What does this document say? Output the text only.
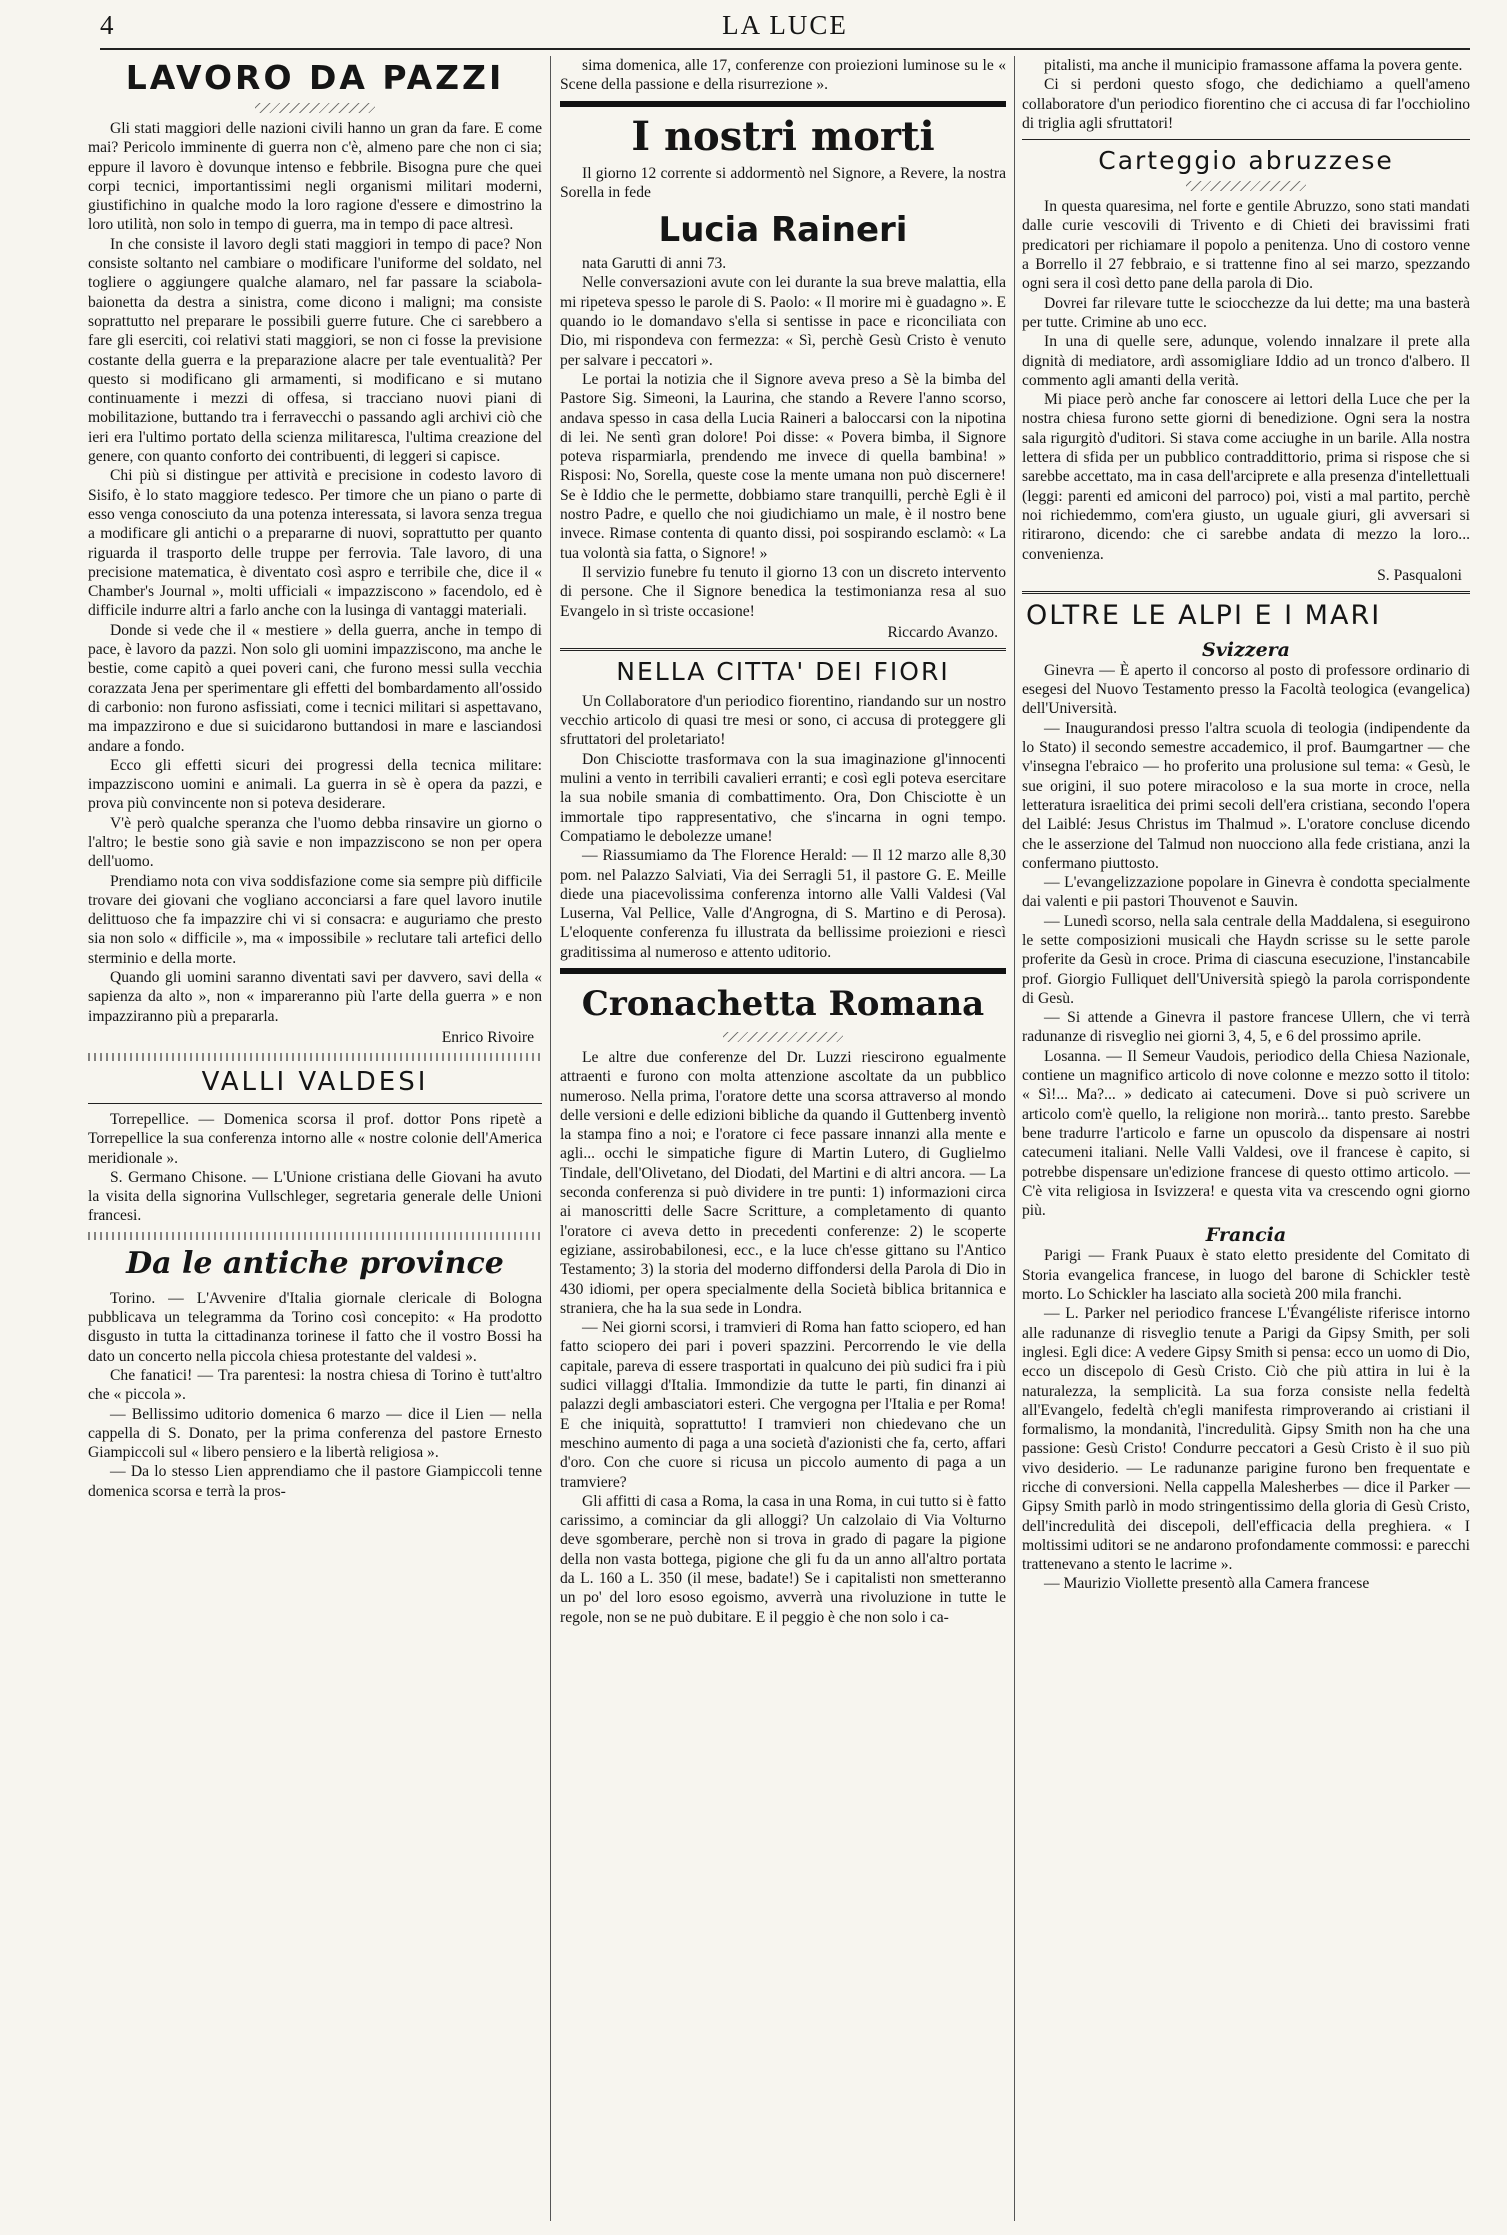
4	LA LUCE
LAVORO DA PAZZI

Gli stati maggiori delle nazioni civili hanno un gran da fare. E come mai? Pericolo imminente di guerra non c'è, almeno pare che non ci sia; eppure il lavoro è dovunque intenso e febbrile. Bisogna pure che quei corpi tecnici, importantissimi negli organismi militari moderni, giustifichino in qualche modo la loro ragione d'essere e dimostrino la loro utilità, non solo in tempo di guerra, ma in tempo di pace altresì.

In che consiste il lavoro degli stati maggiori in tempo di pace? Non consiste soltanto nel cambiare o modificare l'uniforme del soldato, nel togliere o aggiungere qualche alamaro, nel far passare la sciabola-baionetta da destra a sinistra, come dicono i maligni; ma consiste soprattutto nel preparare le possibili guerre future. Che ci sarebbero a fare gli eserciti, coi relativi stati maggiori, se non ci fosse la previsione costante della guerra e la preparazione alacre per tale eventualità? Per questo si modificano gli armamenti, si modificano e si mutano continuamente i mezzi di offesa, si tracciano nuovi piani di mobilitazione, buttando tra i ferravecchi o passando agli archivi ciò che ieri era l'ultimo portato della scienza militaresca, l'ultima creazione del genere, con quanto conforto dei contribuenti, di leggeri si capisce.

Chi più si distingue per attività e precisione in codesto lavoro di Sisifo, è lo stato maggiore tedesco. Per timore che un piano o parte di esso venga conosciuto da una potenza interessata, si lavora senza tregua a modificare gli antichi o a prepararne di nuovi, soprattutto per quanto riguarda il trasporto delle truppe per ferrovia. Tale lavoro, di una precisione matematica, è diventato così aspro e terribile che, dice il « Chamber's Journal », molti ufficiali « impazziscono » facendolo, ed è difficile indurre altri a farlo anche con la lusinga di vantaggi materiali.

Donde si vede che il « mestiere » della guerra, anche in tempo di pace, è lavoro da pazzi. Non solo gli uomini impazziscono, ma anche le bestie, come capitò a quei poveri cani, che furono messi sulla vecchia corazzata Jena per sperimentare gli effetti del bombardamento all'ossido di carbonio: non furono asfissiati, come i tecnici militari si aspettavano, ma impazzirono e due si suicidarono buttandosi in mare e lasciandosi andare a fondo.

Ecco gli effetti sicuri dei progressi della tecnica militare: impazziscono uomini e animali. La guerra in sè è opera da pazzi, e prova più convincente non si poteva desiderare.

V'è però qualche speranza che l'uomo debba rinsavire un giorno o l'altro; le bestie sono già savie e non impazziscono se non per opera dell'uomo.

Prendiamo nota con viva soddisfazione come sia sempre più difficile trovare dei giovani che vogliano acconciarsi a fare quel lavoro inutile delittuoso che fa impazzire chi vi si consacra: e auguriamo che presto sia non solo « difficile », ma « impossibile » reclutare tali artefici dello sterminio e della morte.

Quando gli uomini saranno diventati savi per davvero, savi della « sapienza da alto », non « impareranno più l'arte della guerra » e non impazziranno più a prepararla.

Enrico Rivoire
VALLI VALDESI

Torrepellice. — Domenica scorsa il prof. dottor Pons ripetè a Torrepellice la sua conferenza intorno alle « nostre colonie dell'America meridionale ».

S. Germano Chisone. — L'Unione cristiana delle Giovani ha avuto la visita della signorina Vullschleger, segretaria generale delle Unioni francesi.

Da le antiche province

Torino. — L'Avvenire d'Italia giornale clericale di Bologna pubblicava un telegramma da Torino così concepito: « Ha prodotto disgusto in tutta la cittadinanza torinese il fatto che il vostro Bossi ha dato un concerto nella piccola chiesa protestante del valdesi ».

Che fanatici! — Tra parentesi: la nostra chiesa di Torino è tutt'altro che « piccola ».

— Bellissimo uditorio domenica 6 marzo — dice il Lien — nella cappella di S. Donato, per la prima conferenza del pastore Ernesto Giampiccoli sul « libero pensiero e la libertà religiosa ».

— Da lo stesso Lien apprendiamo che il pastore Giampiccoli tenne domenica scorsa e terrà la pros-

sima domenica, alle 17, conferenze con proiezioni luminose su le « Scene della passione e della risurrezione ».

I nostri morti

Il giorno 12 corrente si addormentò nel Signore, a Revere, la nostra Sorella in fede

Lucia Raineri

nata Garutti di anni 73.

Nelle conversazioni avute con lei durante la sua breve malattia, ella mi ripeteva spesso le parole di S. Paolo: « Il morire mi è guadagno ». E quando io le domandavo s'ella si sentisse in pace e riconciliata con Dio, mi rispondeva con fermezza: « Sì, perchè Gesù Cristo è venuto per salvare i peccatori ».

Le portai la notizia che il Signore aveva preso a Sè la bimba del Pastore Sig. Simeoni, la Laurina, che stando a Revere l'anno scorso, andava spesso in casa della Lucia Raineri a baloccarsi con la nipotina di lei. Ne sentì gran dolore! Poi disse: « Povera bimba, il Signore poteva risparmiarla, prendendo me invece di quella bambina! » Risposi: No, Sorella, queste cose la mente umana non può discernere! Se è Iddio che le permette, dobbiamo stare tranquilli, perchè Egli è il nostro Padre, e quello che noi giudichiamo un male, è il nostro bene invece. Rimase contenta di quanto dissi, poi sospirando esclamò: « La tua volontà sia fatta, o Signore! »

Il servizio funebre fu tenuto il giorno 13 con un discreto intervento di persone. Che il Signore benedica la testimonianza resa al suo Evangelo in sì triste occasione!

Riccardo Avanzo.
NELLA CITTA' DEI FIORI

Un Collaboratore d'un periodico fiorentino, riandando sur un nostro vecchio articolo di quasi tre mesi or sono, ci accusa di proteggere gli sfruttatori del proletariato!

Don Chisciotte trasformava con la sua imaginazione gl'innocenti mulini a vento in terribili cavalieri erranti; e così egli poteva esercitare la sua nobile smania di combattimento. Ora, Don Chisciotte è un immortale tipo rappresentativo, che s'incarna in ogni tempo. Compatiamo le debolezze umane!

— Riassumiamo da The Florence Herald: — Il 12 marzo alle 8,30 pom. nel Palazzo Salviati, Via dei Serragli 51, il pastore G. E. Meille diede una piacevolissima conferenza intorno alle Valli Valdesi (Val Luserna, Val Pellice, Valle d'Angrogna, di S. Martino e di Perosa). L'eloquente conferenza fu illustrata da bellissime proiezioni e riescì graditissima al numeroso e attento uditorio.

Cronachetta Romana

Le altre due conferenze del Dr. Luzzi riescirono egualmente attraenti e furono con molta attenzione ascoltate da un pubblico numeroso. Nella prima, l'oratore dette una scorsa attraverso al mondo delle versioni e delle edizioni bibliche da quando il Guttenberg inventò la stampa fino a noi; e l'oratore ci fece passare innanzi alla mente e agli... occhi le simpatiche figure di Martin Lutero, di Guglielmo Tindale, dell'Olivetano, del Diodati, del Martini e di altri ancora. — La seconda conferenza si può dividere in tre punti: 1) informazioni circa ai manoscritti delle Sacre Scritture, a completamento di quanto l'oratore ci aveva detto in precedenti conferenze: 2) le scoperte egiziane, assirobabilonesi, ecc., e la luce ch'esse gittano su l'Antico Testamento; 3) la storia del moderno diffondersi della Parola di Dio in 430 idiomi, per opera specialmente della Società biblica britannica e straniera, che ha la sua sede in Londra.

— Nei giorni scorsi, i tramvieri di Roma han fatto sciopero, ed han fatto sciopero dei pari i poveri spazzini. Percorrendo le vie della capitale, pareva di essere trasportati in qualcuno dei più sudici fra i più sudici villaggi d'Italia. Immondizie da tutte le parti, fin dinanzi ai palazzi degli ambasciatori esteri. Che vergogna per l'Italia e per Roma! E che iniquità, soprattutto! I tramvieri non chiedevano che un meschino aumento di paga a una società d'azionisti che fa, certo, affari d'oro. Con che cuore si ricusa un piccolo aumento di paga a un tramviere?

Gli affitti di casa a Roma, la casa in una Roma, in cui tutto si è fatto carissimo, a cominciar da gli alloggi? Un calzolaio di Via Volturno deve sgomberare, perchè non si trova in grado di pagare la pigione della non vasta bottega, pigione che gli fu da un anno all'altro portata da L. 160 a L. 350 (il mese, badate!) Se i capitalisti non smetteranno un po' del loro esoso egoismo, avverrà una rivoluzione in tutte le regole, non se ne può dubitare. E il peggio è che non solo i ca-

pitalisti, ma anche il municipio framassone affama la povera gente.

Ci si perdoni questo sfogo, che dedichiamo a quell'ameno collaboratore d'un periodico fiorentino che ci accusa di far l'occhiolino di triglia agli sfruttatori!

Carteggio abruzzese

In questa quaresima, nel forte e gentile Abruzzo, sono stati mandati dalle curie vescovili di Trivento e di Chieti dei bravissimi frati predicatori per richiamare il popolo a penitenza. Uno di costoro venne a Borrello il 27 febbraio, e si trattenne fino al sei marzo, spezzando ogni sera il così detto pane della parola di Dio.

Dovrei far rilevare tutte le sciocchezze da lui dette; ma una basterà per tutte. Crimine ab uno ecc.

In una di quelle sere, adunque, volendo innalzare il prete alla dignità di mediatore, ardì assomigliare Iddio ad un tronco d'albero. Il commento agli amanti della verità.

Mi piace però anche far conoscere ai lettori della Luce che per la nostra chiesa furono sette giorni di benedizione. Ogni sera la nostra sala rigurgitò d'uditori. Si stava come acciughe in un barile. Alla nostra lettera di sfida per un pubblico contraddittorio, prima si rispose che si sarebbe accettato, ma in casa dell'arciprete e alla presenza d'intellettuali (leggi: parenti ed amiconi del parroco) poi, visti a mal partito, perchè noi richiedemmo, com'era giusto, un uguale giuri, gli avversari si ritirarono, dicendo: che ci sarebbe andata di mezzo la loro... convenienza.

S. Pasqualoni
OLTRE LE ALPI E I MARI
Svizzera

Ginevra — È aperto il concorso al posto di professore ordinario di esegesi del Nuovo Testamento presso la Facoltà teologica (evangelica) dell'Università.

— Inaugurandosi presso l'altra scuola di teologia (indipendente da lo Stato) il secondo semestre accademico, il prof. Baumgartner — che v'insegna l'ebraico — ho proferito una prolusione sul tema: « Gesù, le sue origini, il suo potere miracoloso e la sua morte in croce, nella letteratura israelitica dei primi secoli dell'era cristiana, secondo l'opera del Laiblé: Jesus Christus im Thalmud ». L'oratore concluse dicendo che le asserzione del Talmud non nuocciono alla fede cristiana, anzi la confermano piuttosto.

— L'evangelizzazione popolare in Ginevra è condotta specialmente dai valenti e pii pastori Thouvenot e Sauvin.

— Lunedì scorso, nella sala centrale della Maddalena, si eseguirono le sette composizioni musicali che Haydn scrisse su le sette parole proferite da Gesù in croce. Prima di ciascuna esecuzione, l'instancabile prof. Giorgio Fulliquet dell'Università spiegò la parola corrispondente di Gesù.

— Si attende a Ginevra il pastore francese Ullern, che vi terrà radunanze di risveglio nei giorni 3, 4, 5, e 6 del prossimo aprile.

Losanna. — Il Semeur Vaudois, periodico della Chiesa Nazionale, contiene un magnifico articolo di nove colonne e mezzo sotto il titolo: « Sì!... Ma?... » dedicato ai catecumeni. Dove si può scrivere un articolo com'è quello, la religione non morirà... tanto presto. Sarebbe bene tradurre l'articolo e farne un opuscolo da dispensare ai nostri catecumeni italiani. Nelle Valli Valdesi, ove il francese è capito, si potrebbe dispensare un'edizione francese di questo ottimo articolo. — C'è vita religiosa in Isvizzera! e questa vita va crescendo ogni giorno più.

Francia

Parigi — Frank Puaux è stato eletto presidente del Comitato di Storia evangelica francese, in luogo del barone di Schickler testè morto. Lo Schickler ha lasciato alla società 200 mila franchi.

— L. Parker nel periodico francese L'Évangéliste riferisce intorno alle radunanze di risveglio tenute a Parigi da Gipsy Smith, per soli inglesi. Egli dice: A vedere Gipsy Smith si pensa: ecco un uomo di Dio, ecco un discepolo di Gesù Cristo. Ciò che più attira in lui è la naturalezza, la semplicità. La sua forza consiste nella fedeltà all'Evangelo, fedeltà ch'egli manifesta rimproverando ai cristiani il formalismo, la mondanità, l'incredulità. Gipsy Smith non ha che una passione: Gesù Cristo! Condurre peccatori a Gesù Cristo è il suo più vivo desiderio. — Le radunanze parigine furono ben frequentate e ricche di conversioni. Nella cappella Malesherbes — dice il Parker — Gipsy Smith parlò in modo stringentissimo della gloria di Gesù Cristo, dell'incredulità dei discepoli, dell'efficacia della preghiera. « I moltissimi uditori se ne andarono profondamente commossi: e parecchi trattenevano a stento le lacrime ».

— Maurizio Viollette presentò alla Camera francese
